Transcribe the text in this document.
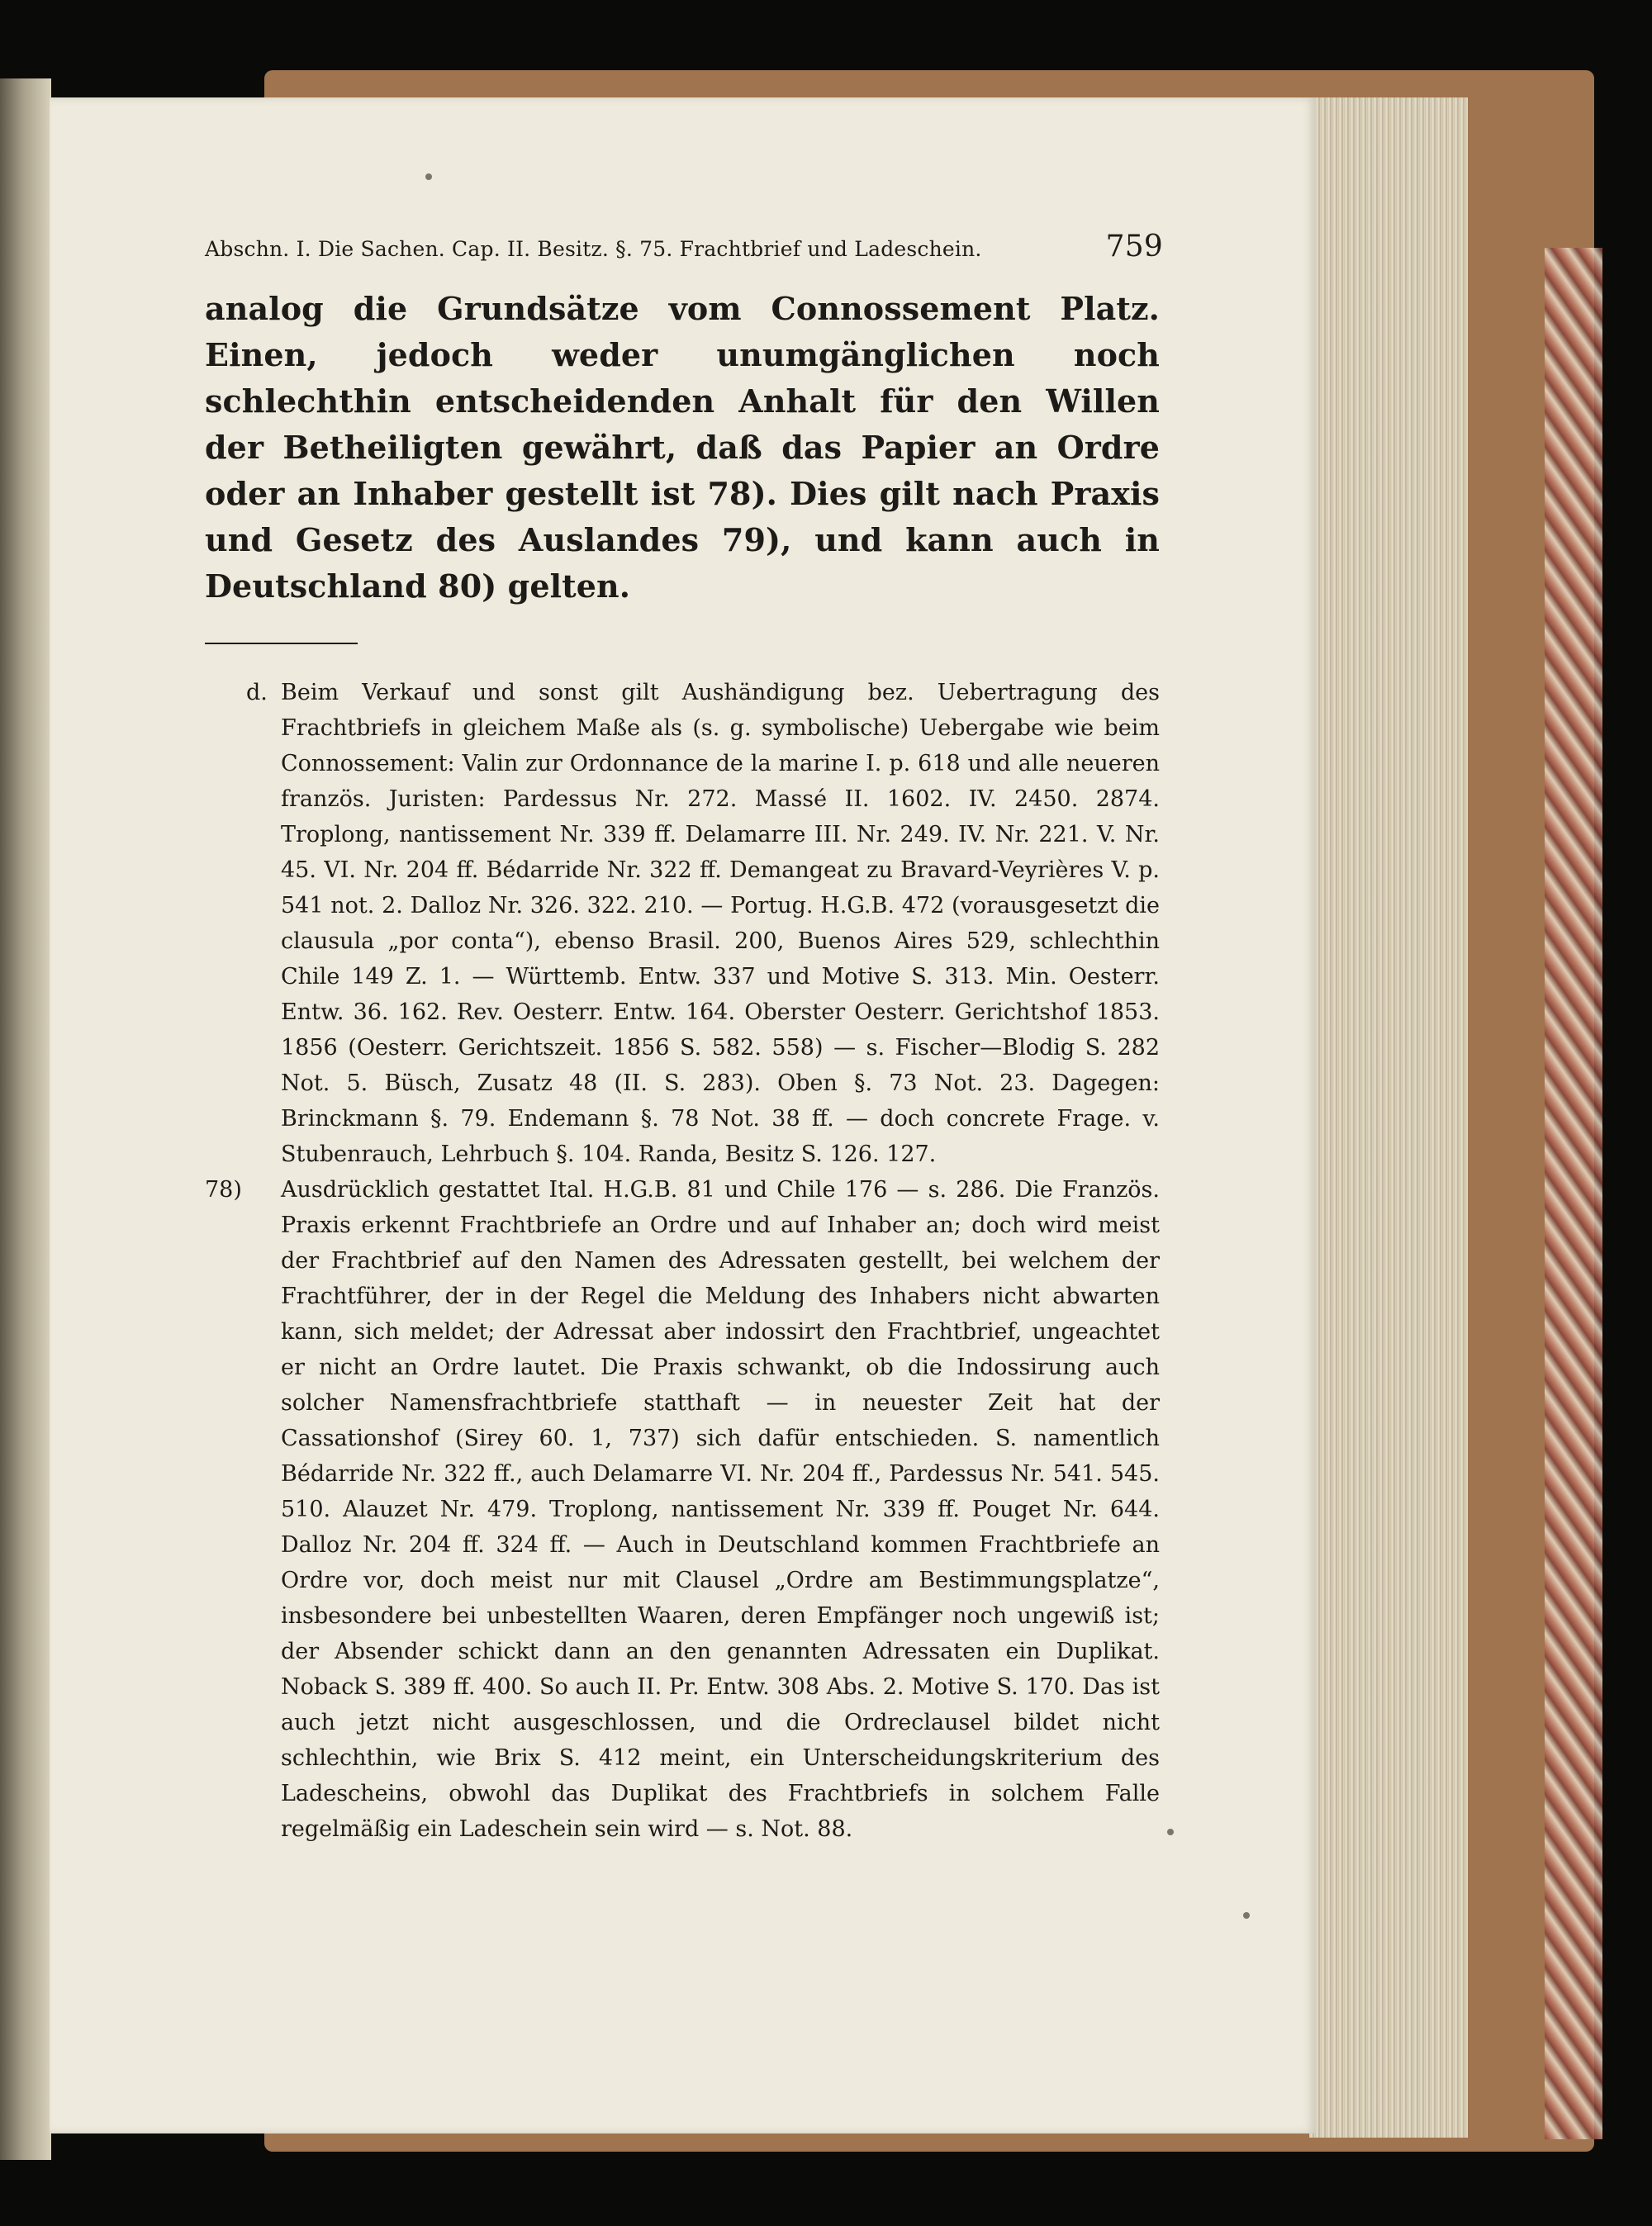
Abschn. I. Die Sachen. Cap. II. Besitz. §. 75. Frachtbrief und Ladeschein.	759
analog die Grundsätze vom Connossement Platz. Einen, jedoch weder unumgänglichen noch schlechthin entscheidenden Anhalt für den Willen der Betheiligten gewährt, daß das Papier an Ordre oder an Inhaber gestellt ist 78). Dies gilt nach Praxis und Gesetz des Auslandes 79), und kann auch in Deutschland 80) gelten.
d. Beim Verkauf und sonst gilt Aushändigung bez. Uebertragung des Frachtbriefs in gleichem Maße als (s. g. symbolische) Uebergabe wie beim Connossement: Valin zur Ordonnance de la marine I. p. 618 und alle neueren französ. Juristen: Pardessus Nr. 272. Massé II. 1602. IV. 2450. 2874. Troplong, nantissement Nr. 339 ff. Delamarre III. Nr. 249. IV. Nr. 221. V. Nr. 45. VI. Nr. 204 ff. Bédarride Nr. 322 ff. Demangeat zu Bravard-Veyrières V. p. 541 not. 2. Dalloz Nr. 326. 322. 210. — Portug. H.G.B. 472 (vorausgesetzt die clausula „por conta“), ebenso Brasil. 200, Buenos Aires 529, schlechthin Chile 149 Z. 1. — Württemb. Entw. 337 und Motive S. 313. Min. Oesterr. Entw. 36. 162. Rev. Oesterr. Entw. 164. Oberster Oesterr. Gerichtshof 1853. 1856 (Oesterr. Gerichtszeit. 1856 S. 582. 558) — s. Fischer—Blodig S. 282 Not. 5. Büsch, Zusatz 48 (II. S. 283). Oben §. 73 Not. 23. Dagegen: Brinckmann §. 79. Endemann §. 78 Not. 38 ff. — doch concrete Frage. v. Stubenrauch, Lehrbuch §. 104. Randa, Besitz S. 126. 127.
78) Ausdrücklich gestattet Ital. H.G.B. 81 und Chile 176 — s. 286. Die Französ. Praxis erkennt Frachtbriefe an Ordre und auf Inhaber an; doch wird meist der Frachtbrief auf den Namen des Adressaten gestellt, bei welchem der Frachtführer, der in der Regel die Meldung des Inhabers nicht abwarten kann, sich meldet; der Adressat aber indossirt den Frachtbrief, ungeachtet er nicht an Ordre lautet. Die Praxis schwankt, ob die Indossirung auch solcher Namensfrachtbriefe statthaft — in neuester Zeit hat der Cassationshof (Sirey 60. 1, 737) sich dafür entschieden. S. namentlich Bédarride Nr. 322 ff., auch Delamarre VI. Nr. 204 ff., Pardessus Nr. 541. 545. 510. Alauzet Nr. 479. Troplong, nantissement Nr. 339 ff. Pouget Nr. 644. Dalloz Nr. 204 ff. 324 ff. — Auch in Deutschland kommen Frachtbriefe an Ordre vor, doch meist nur mit Clausel „Ordre am Bestimmungsplatze“, insbesondere bei unbestellten Waaren, deren Empfänger noch ungewiß ist; der Absender schickt dann an den genannten Adressaten ein Duplikat. Noback S. 389 ff. 400. So auch II. Pr. Entw. 308 Abs. 2. Motive S. 170. Das ist auch jetzt nicht ausgeschlossen, und die Ordreclausel bildet nicht schlechthin, wie Brix S. 412 meint, ein Unterscheidungskriterium des Ladescheins, obwohl das Duplikat des Frachtbriefs in solchem Falle regelmäßig ein Ladeschein sein wird — s. Not. 88.
